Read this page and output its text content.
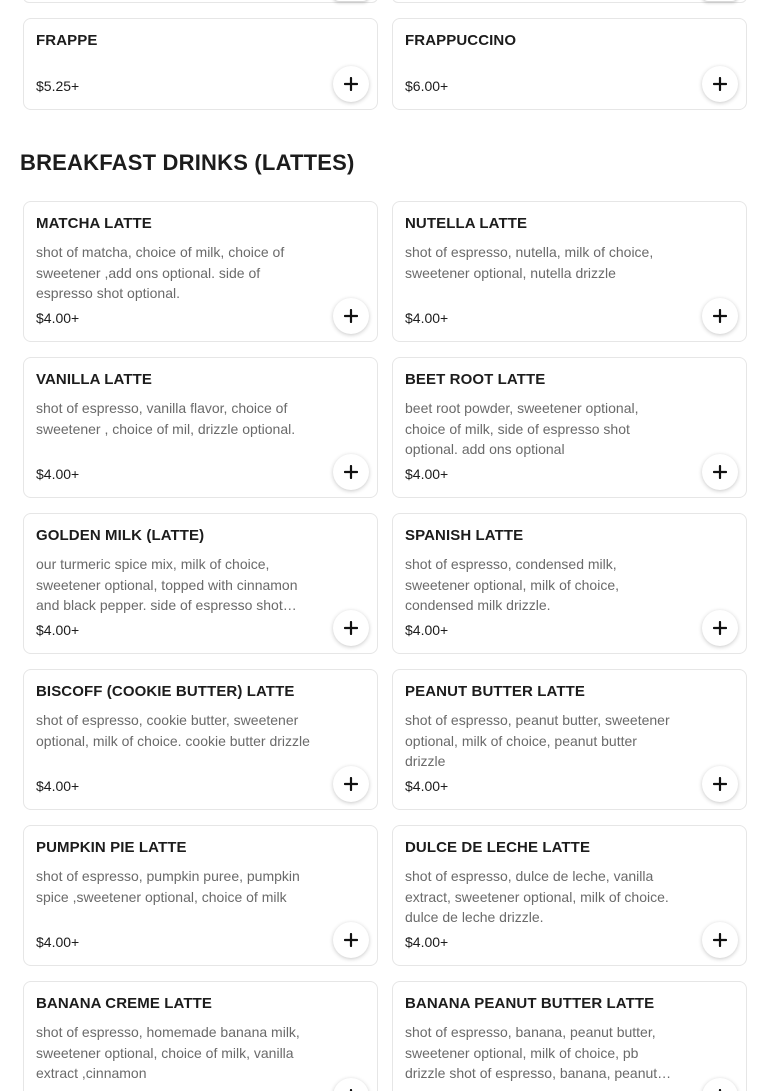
FRAPPE
$5.25+
FRAPPUCCINO
$6.00+
BREAKFAST DRINKS (LATTES)
MATCHA LATTE
shot of matcha, choice of milk, choice of sweetener ,add ons optional. side of espresso shot optional.
$4.00+
NUTELLA LATTE
shot of espresso, nutella, milk of choice, sweetener optional, nutella drizzle
$4.00+
VANILLA LATTE
shot of espresso, vanilla flavor, choice of sweetener , choice of mil, drizzle optional.
$4.00+
BEET ROOT LATTE
beet root powder, sweetener optional, choice of milk, side of espresso shot optional. add ons optional
$4.00+
GOLDEN MILK (LATTE)
our turmeric spice mix, milk of choice, sweetener optional, topped with cinnamon and black pepper. side of espresso shot
$4.00+
SPANISH LATTE
shot of espresso, condensed milk, sweetener optional, milk of choice, condensed milk drizzle.
$4.00+
BISCOFF (COOKIE BUTTER) LATTE
shot of espresso, cookie butter, sweetener optional, milk of choice. cookie butter drizzle
$4.00+
PEANUT BUTTER LATTE
shot of espresso, peanut butter, sweetener optional, milk of choice, peanut butter drizzle
$4.00+
PUMPKIN PIE LATTE
shot of espresso, pumpkin puree, pumpkin spice ,sweetener optional, choice of milk
$4.00+
DULCE DE LECHE LATTE
shot of espresso, dulce de leche, vanilla extract, sweetener optional, milk of choice. dulce de leche drizzle.
$4.00+
BANANA CREME LATTE
shot of espresso, homemade banana milk, sweetener optional, choice of milk, vanilla extract ,cinnamon
BANANA PEANUT BUTTER LATTE
shot of espresso, banana, peanut butter, sweetener optional, milk of choice, pb drizzle shot of espresso, banana, peanut
